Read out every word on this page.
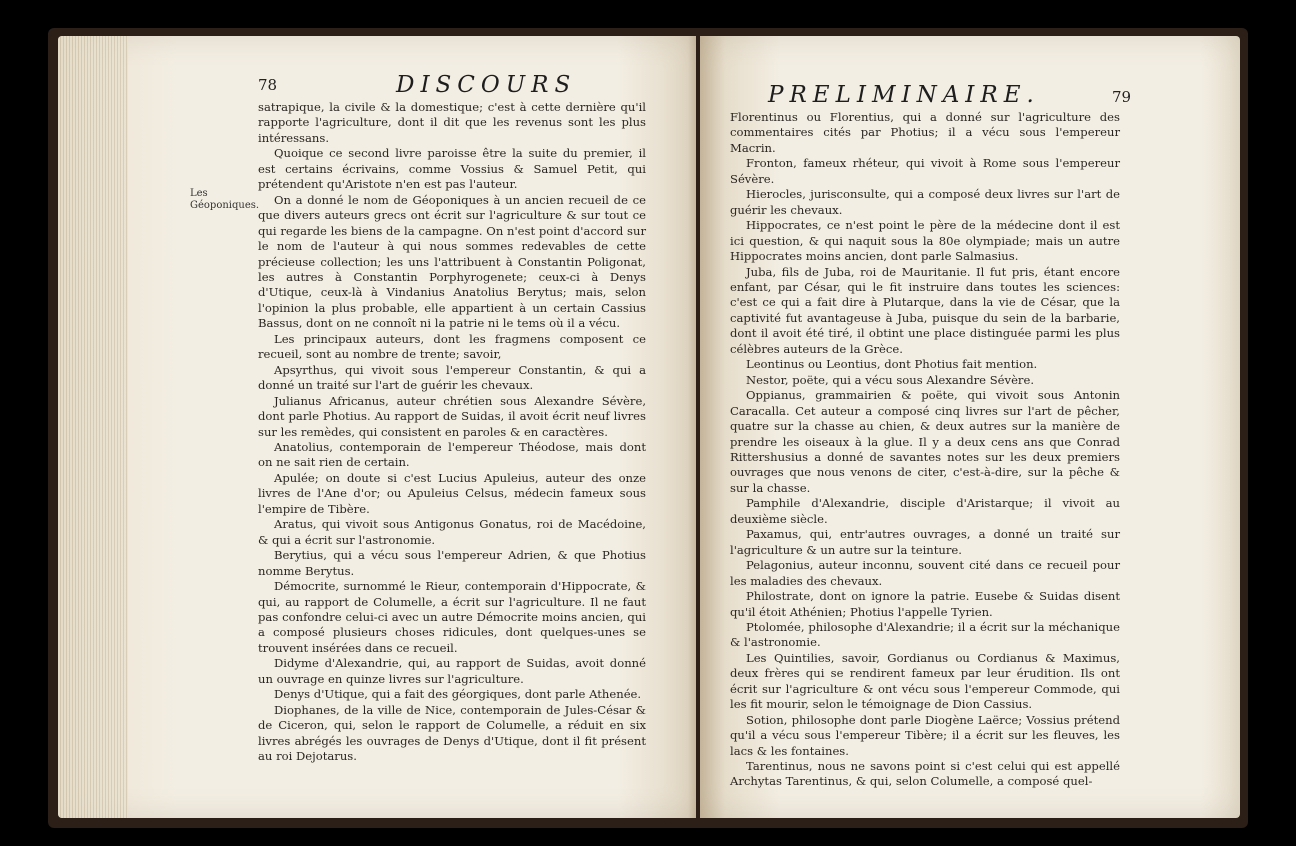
78	DISCOURS
Les Géoponiques.

satrapique, la civile & la domestique; c'est à cette dernière qu'il rapporte l'agriculture, dont il dit que les revenus sont les plus intéressans.

Quoique ce second livre paroisse être la suite du premier, il est certains écrivains, comme Vossius & Samuel Petit, qui prétendent qu'Aristote n'en est pas l'auteur.

On a donné le nom de Géoponiques à un ancien recueil de ce que divers auteurs grecs ont écrit sur l'agriculture & sur tout ce qui regarde les biens de la campagne. On n'est point d'accord sur le nom de l'auteur à qui nous sommes redevables de cette précieuse collection; les uns l'attribuent à Constantin Poligonat, les autres à Constantin Porphyrogenete; ceux-ci à Denys d'Utique, ceux-là à Vindanius Anatolius Berytus; mais, selon l'opinion la plus probable, elle appartient à un certain Cassius Bassus, dont on ne connoît ni la patrie ni le tems où il a vécu.

Les principaux auteurs, dont les fragmens composent ce recueil, sont au nombre de trente; savoir,

Apsyrthus, qui vivoit sous l'empereur Constantin, & qui a donné un traité sur l'art de guérir les chevaux.

Julianus Africanus, auteur chrétien sous Alexandre Sévère, dont parle Photius. Au rapport de Suidas, il avoit écrit neuf livres sur les remèdes, qui consistent en paroles & en caractères.

Anatolius, contemporain de l'empereur Théodose, mais dont on ne sait rien de certain.

Apulée; on doute si c'est Lucius Apuleius, auteur des onze livres de l'Ane d'or; ou Apuleius Celsus, médecin fameux sous l'empire de Tibère.

Aratus, qui vivoit sous Antigonus Gonatus, roi de Macédoine, & qui a écrit sur l'astronomie.

Berytius, qui a vécu sous l'empereur Adrien, & que Photius nomme Berytus.

Démocrite, surnommé le Rieur, contemporain d'Hippocrate, & qui, au rapport de Columelle, a écrit sur l'agriculture. Il ne faut pas confondre celui-ci avec un autre Démocrite moins ancien, qui a composé plusieurs choses ridicules, dont quelques-unes se trouvent insérées dans ce recueil.

Didyme d'Alexandrie, qui, au rapport de Suidas, avoit donné un ouvrage en quinze livres sur l'agriculture.

Denys d'Utique, qui a fait des géorgiques, dont parle Athenée.

Diophanes, de la ville de Nice, contemporain de Jules-César & de Ciceron, qui, selon le rapport de Columelle, a réduit en six livres abrégés les ouvrages de Denys d'Utique, dont il fit présent au roi Dejotarus.

PRELIMINAIRE.	79

Florentinus ou Florentius, qui a donné sur l'agriculture des commentaires cités par Photius; il a vécu sous l'empereur Macrin.

Fronton, fameux rhéteur, qui vivoit à Rome sous l'empereur Sévère.

Hierocles, jurisconsulte, qui a composé deux livres sur l'art de guérir les chevaux.

Hippocrates, ce n'est point le père de la médecine dont il est ici question, & qui naquit sous la 80e olympiade; mais un autre Hippocrates moins ancien, dont parle Salmasius.

Juba, fils de Juba, roi de Mauritanie. Il fut pris, étant encore enfant, par César, qui le fit instruire dans toutes les sciences: c'est ce qui a fait dire à Plutarque, dans la vie de César, que la captivité fut avantageuse à Juba, puisque du sein de la barbarie, dont il avoit été tiré, il obtint une place distinguée parmi les plus célèbres auteurs de la Grèce.

Leontinus ou Leontius, dont Photius fait mention.

Nestor, poëte, qui a vécu sous Alexandre Sévère.

Oppianus, grammairien & poëte, qui vivoit sous Antonin Caracalla. Cet auteur a composé cinq livres sur l'art de pêcher, quatre sur la chasse au chien, & deux autres sur la manière de prendre les oiseaux à la glue. Il y a deux cens ans que Conrad Rittershusius a donné de savantes notes sur les deux premiers ouvrages que nous venons de citer, c'est-à-dire, sur la pêche & sur la chasse.

Pamphile d'Alexandrie, disciple d'Aristarque; il vivoit au deuxième siècle.

Paxamus, qui, entr'autres ouvrages, a donné un traité sur l'agriculture & un autre sur la teinture.

Pelagonius, auteur inconnu, souvent cité dans ce recueil pour les maladies des chevaux.

Philostrate, dont on ignore la patrie. Eusebe & Suidas disent qu'il étoit Athénien; Photius l'appelle Tyrien.

Ptolomée, philosophe d'Alexandrie; il a écrit sur la méchanique & l'astronomie.

Les Quintilies, savoir, Gordianus ou Cordianus & Maximus, deux frères qui se rendirent fameux par leur érudition. Ils ont écrit sur l'agriculture & ont vécu sous l'empereur Commode, qui les fit mourir, selon le témoignage de Dion Cassius.

Sotion, philosophe dont parle Diogène Laërce; Vossius prétend qu'il a vécu sous l'empereur Tibère; il a écrit sur les fleuves, les lacs & les fontaines.

Tarentinus, nous ne savons point si c'est celui qui est appellé Archytas Tarentinus, & qui, selon Columelle, a composé quel-
